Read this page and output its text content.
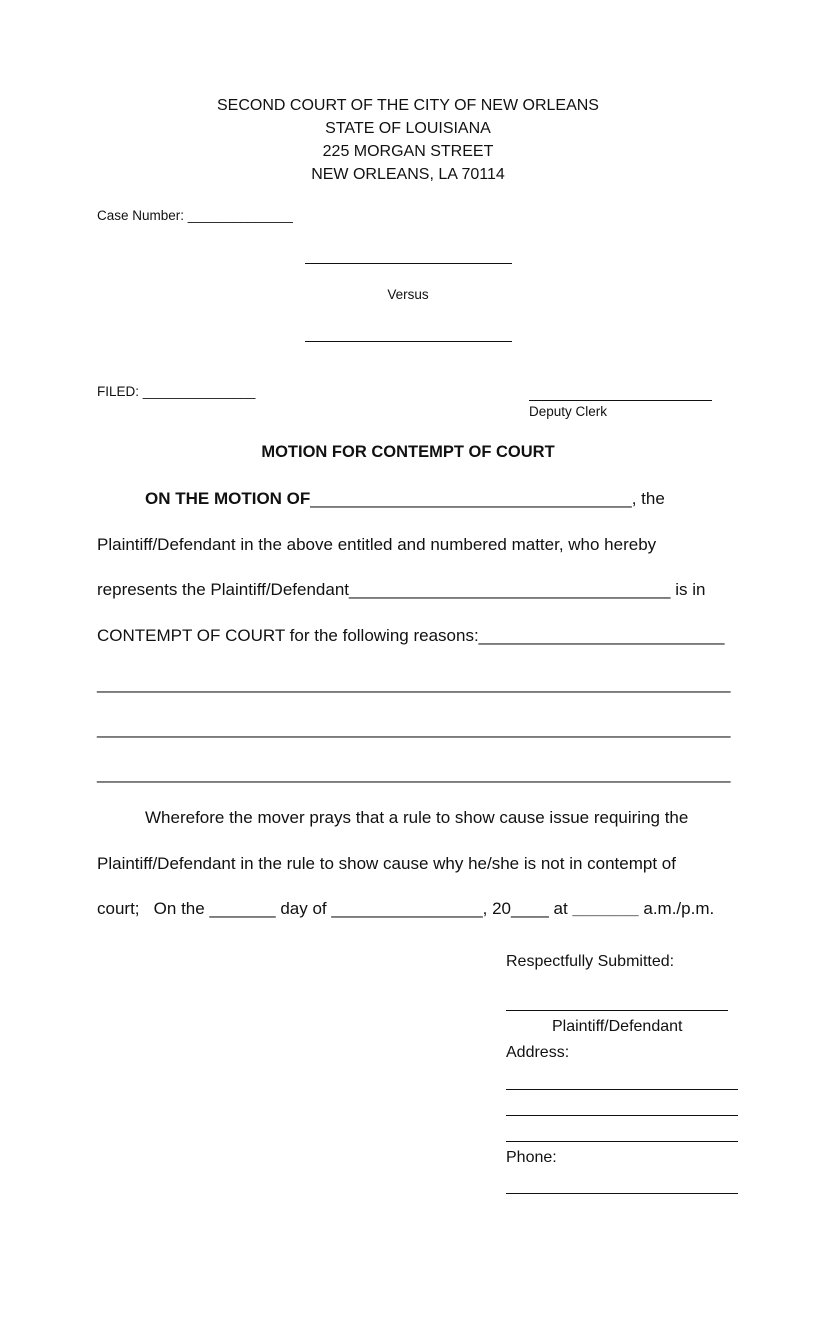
SECOND COURT OF THE CITY OF NEW ORLEANS
STATE OF LOUISIANA
225 MORGAN STREET
NEW ORLEANS, LA 70114
Case Number: ______________
Versus
FILED: _______________
Deputy Clerk
MOTION FOR CONTEMPT OF COURT
ON THE MOTION OF__________________________________, the
Plaintiff/Defendant in the above entitled and numbered matter, who hereby
represents the Plaintiff/Defendant__________________________________ is in
CONTEMPT OF COURT for the following reasons:__________________________
___________________________________________________________________
___________________________________________________________________
___________________________________________________________________
Wherefore the mover prays that a rule to show cause issue requiring the
Plaintiff/Defendant in the rule to show cause why he/she is not in contempt of
court;   On the _______ day of ________________, 20____ at _______ a.m./p.m.
Respectfully Submitted:
Plaintiff/Defendant
Address:
Phone:
